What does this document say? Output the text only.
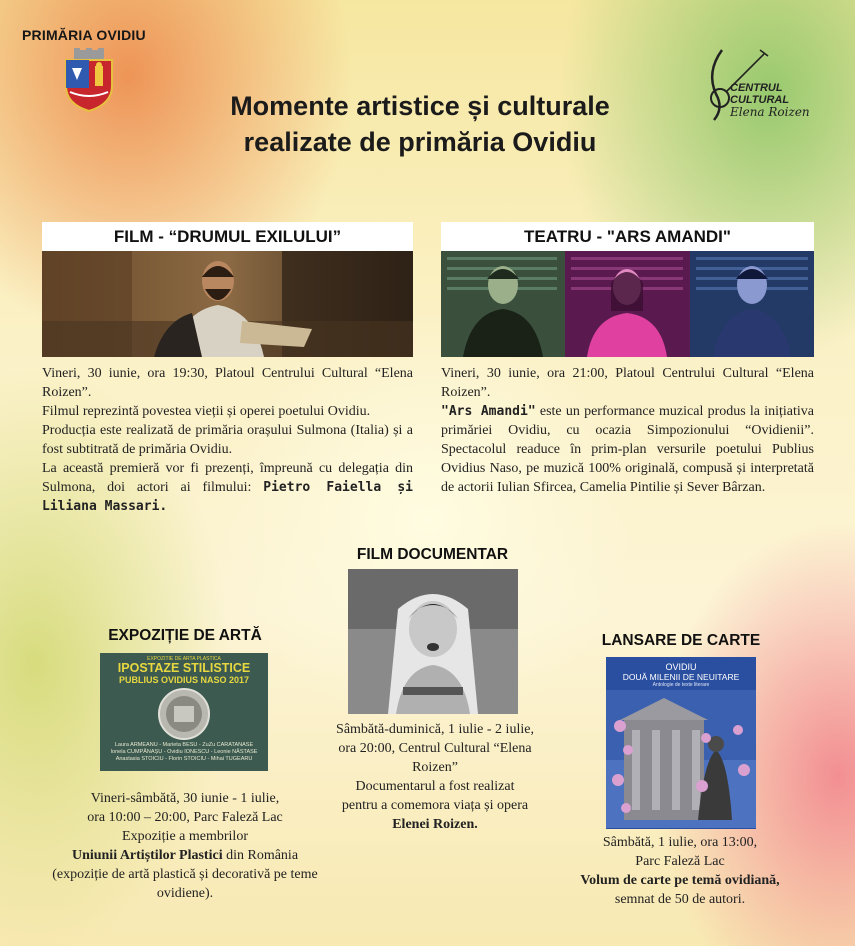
PRIMĂRIA OVIDIU
Momente artistice și culturale
realizate de primăria Ovidiu
CENTRUL
CULTURAL
Elena Roizen
FILM - “DRUMUL EXILULUI”

Vineri, 30 iunie, ora 19:30, Platoul Centrului Cultural “Elena Roizen”.

Filmul reprezintă povestea vieții și operei poetului Ovidiu.

Producția este realizată de primăria orașului Sulmona (Italia) și a fost subtitrată de primăria Ovidiu.

La această premieră vor fi prezenți, împreună cu delegația din Sulmona, doi actori ai filmului: Pietro Faiella și Liliana Massari.

TEATRU - "ARS AMANDI"

Vineri, 30 iunie, ora 21:00, Platoul Centrului Cultural “Elena Roizen”.

"Ars Amandi" este un performance muzical produs la inițiativa primăriei Ovidiu, cu ocazia Simpozionului “Ovidienii”. Spectacolul readuce în prim-plan versurile poetului Publius Ovidius Naso, pe muzică 100% originală, compusă și interpretată de actorii Iulian Sfircea, Camelia Pintilie și Sever Bârzan.

FILM DOCUMENTAR

Sâmbătă-duminică, 1 iulie - 2 iulie,

ora 20:00, Centrul Cultural “Elena Roizen”

Documentarul a fost realizat

pentru a comemora viața și opera

Elenei Roizen.

EXPOZIȚIE DE ARTĂ
EXPOZITIE DE ARTA PLASTICA
IPOSTAZE STILISTICE
PUBLIUS OVIDIUS NASO 2017
Laura ARMEANU - Marieta BESU - ZuZu CARATANASE
Ionela CUMPĂNAȘU - Ovidiu IONESCU - Leonie NĂSTASE
Anastasia STOICIU - Florin STOICIU - Mihai TUGEARU

Vineri-sâmbătă, 30 iunie - 1 iulie,

ora 10:00 – 20:00, Parc Faleză Lac

Expoziție a membrilor

Uniunii Artiștilor Plastici din România

(expoziție de artă plastică și decorativă pe teme ovidiene).

LANSARE DE CARTE
OVIDIU
DOUĂ MILENII DE NEUITARE
Antologie de texte literare

Sâmbătă, 1 iulie, ora 13:00,

Parc Faleză Lac

Volum de carte pe temă ovidiană,

semnat de 50 de autori.
